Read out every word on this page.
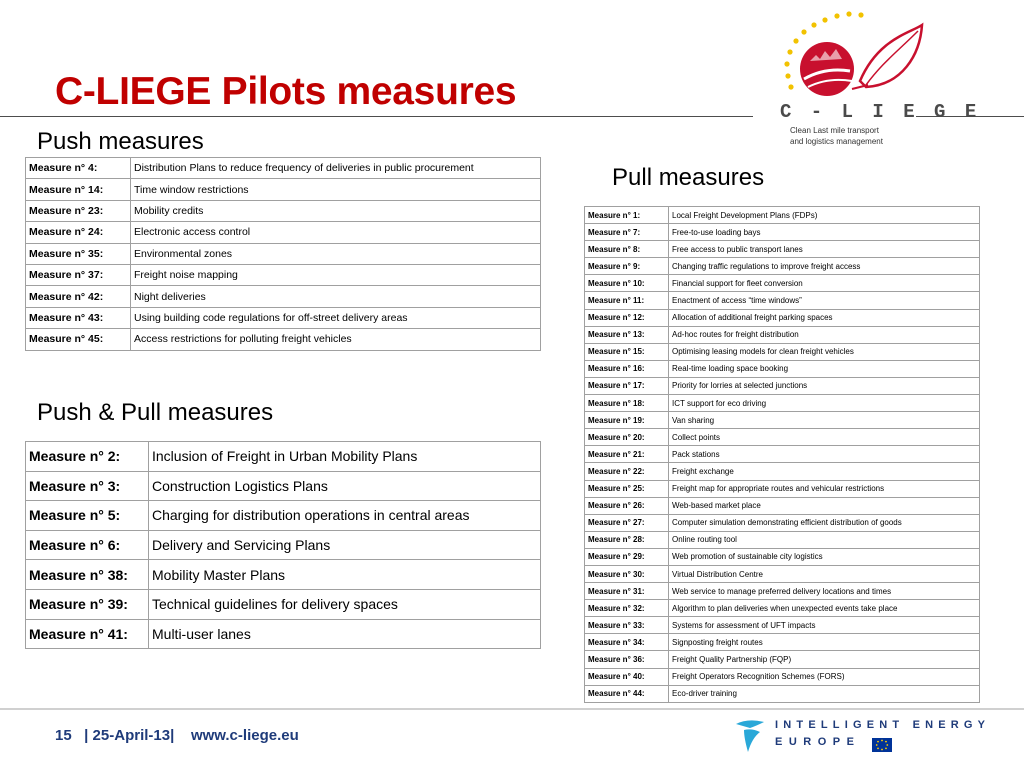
C-LIEGE Pilots measures	C - L I E G E

Clean Last mile transport
and logistics management

Push measures
Pull measures
Push & Pull measures
Measure n° 4:	Distribution Plans to reduce frequency of deliveries in public procurement
Measure n° 14:	Time window restrictions
Measure n° 23:	Mobility credits
Measure n° 24:	Electronic access control
Measure n° 35:	Environmental zones
Measure n° 37:	Freight noise mapping
Measure n° 42:	Night deliveries
Measure n° 43:	Using building code regulations for off-street delivery areas
Measure n° 45:	Access restrictions for polluting freight vehicles
Measure n° 2:	Inclusion of Freight in Urban Mobility Plans
Measure n° 3:	Construction Logistics Plans
Measure n° 5:	Charging for distribution operations in central areas
Measure n° 6:	Delivery and Servicing Plans
Measure n° 38:	Mobility Master Plans
Measure n° 39:	Technical guidelines for delivery spaces
Measure n° 41:	Multi-user lanes
Measure n° 1:	Local Freight Development Plans (FDPs)
Measure n° 7:	Free-to-use loading bays
Measure n° 8:	Free access to public transport lanes
Measure n° 9:	Changing traffic regulations to improve freight access
Measure n° 10:	Financial support for fleet conversion
Measure n° 11:	Enactment of access “time windows”
Measure n° 12:	Allocation of additional freight parking spaces
Measure n° 13:	Ad-hoc routes for freight distribution
Measure n° 15:	Optimising leasing models for clean freight vehicles
Measure n° 16:	Real-time loading space booking
Measure n° 17:	Priority for lorries at selected junctions
Measure n° 18:	ICT support for eco driving
Measure n° 19:	Van sharing
Measure n° 20:	Collect points
Measure n° 21:	Pack stations
Measure n° 22:	Freight exchange
Measure n° 25:	Freight map for appropriate routes and vehicular restrictions
Measure n° 26:	Web-based market place
Measure n° 27:	Computer simulation demonstrating efficient distribution of goods
Measure n° 28:	Online routing tool
Measure n° 29:	Web promotion of sustainable city logistics
Measure n° 30:	Virtual Distribution Centre
Measure n° 31:	Web service to manage preferred delivery locations and times
Measure n° 32:	Algorithm to plan deliveries when unexpected events take place
Measure n° 33:	Systems for assessment of UFT impacts
Measure n° 34:	Signposting freight routes
Measure n° 36:	Freight Quality Partnership (FQP)
Measure n° 40:	Freight Operators Recognition Schemes (FORS)
Measure n° 44:	Eco-driver training

15   | 25-April-13|    www.c-liege.eu

INTELLIGENT ENERGY

EUROPE
